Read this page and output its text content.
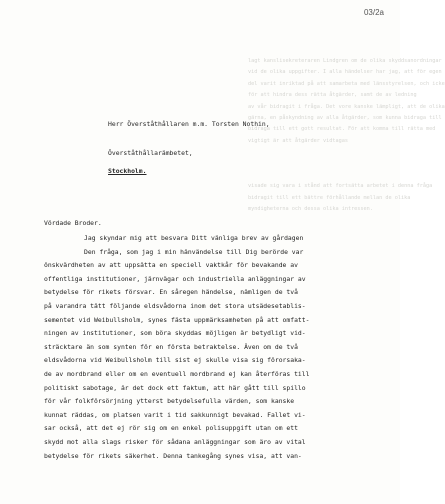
03/2a
lagt kanslisekreteraren Lindgren om de olika skyddsanordningar
vid de olika uppgifter. I alla händelser har jag, att för egen
del varit inriktad på att samarbeta med länsstyrelsen, och icke
för att hindra dess rätta åtgärder, samt de av ledning
av vår bidragit i fråga. Det vore kanske lämpligt, att de olika
gärna, en påskyndning av alla åtgärder, som kunna bidraga till
bidraga till ett gott resultat. För att komma till rätta med
vigtigt är att åtgärder vidtagas
visade sig vara i stånd att fortsätta arbetet i denna fråga
bidragit till ett bättre förhållande mellan de olika
myndigheterna och dessa olika intressen.
Herr Överståthållaren m.m. Torsten Nothin,
Överståthållarämbetet,
Stockholm.
Vördade Broder.
Jag skyndar mig att besvara Ditt vänliga brev av gårdagen
Den fråga, som jag i min hänvändelse till Dig berörde var
önskvärdheten av att uppsätta en speciell vaktkår för bevakande av
offentliga institutioner, järnvägar och industriella anläggningar av
betydelse för rikets försvar. En såregen händelse, nämligen de två
på varandra tätt följande eldsvådorna inom det stora utsädesetablis-
sementet vid Weibullsholm, synes fästa uppmärksamheten på att omfatt-
ningen av institutioner, som böra skyddas möjligen är betydligt vid-
sträcktare än som synten för en första betraktelse. Även om de två
eldsvådorna vid Weibullsholm till sist ej skulle visa sig förorsaka-
de av mordbrand eller om en eventuell mordbrand ej kan återföras till
politiskt sabotage, är det dock ett faktum, att här gått till spillo
för vår folkförsörjning ytterst betydelsefulla värden, som kanske
kunnat räddas, om platsen varit i tid sakkunnigt bevakad. Fallet vi-
sar också, att det ej rör sig om en enkel polisuppgift utan om ett
skydd mot alla slags risker för sådana anläggningar som äro av vital
betydelse för rikets säkerhet. Denna tankegång synes visa, att van-
